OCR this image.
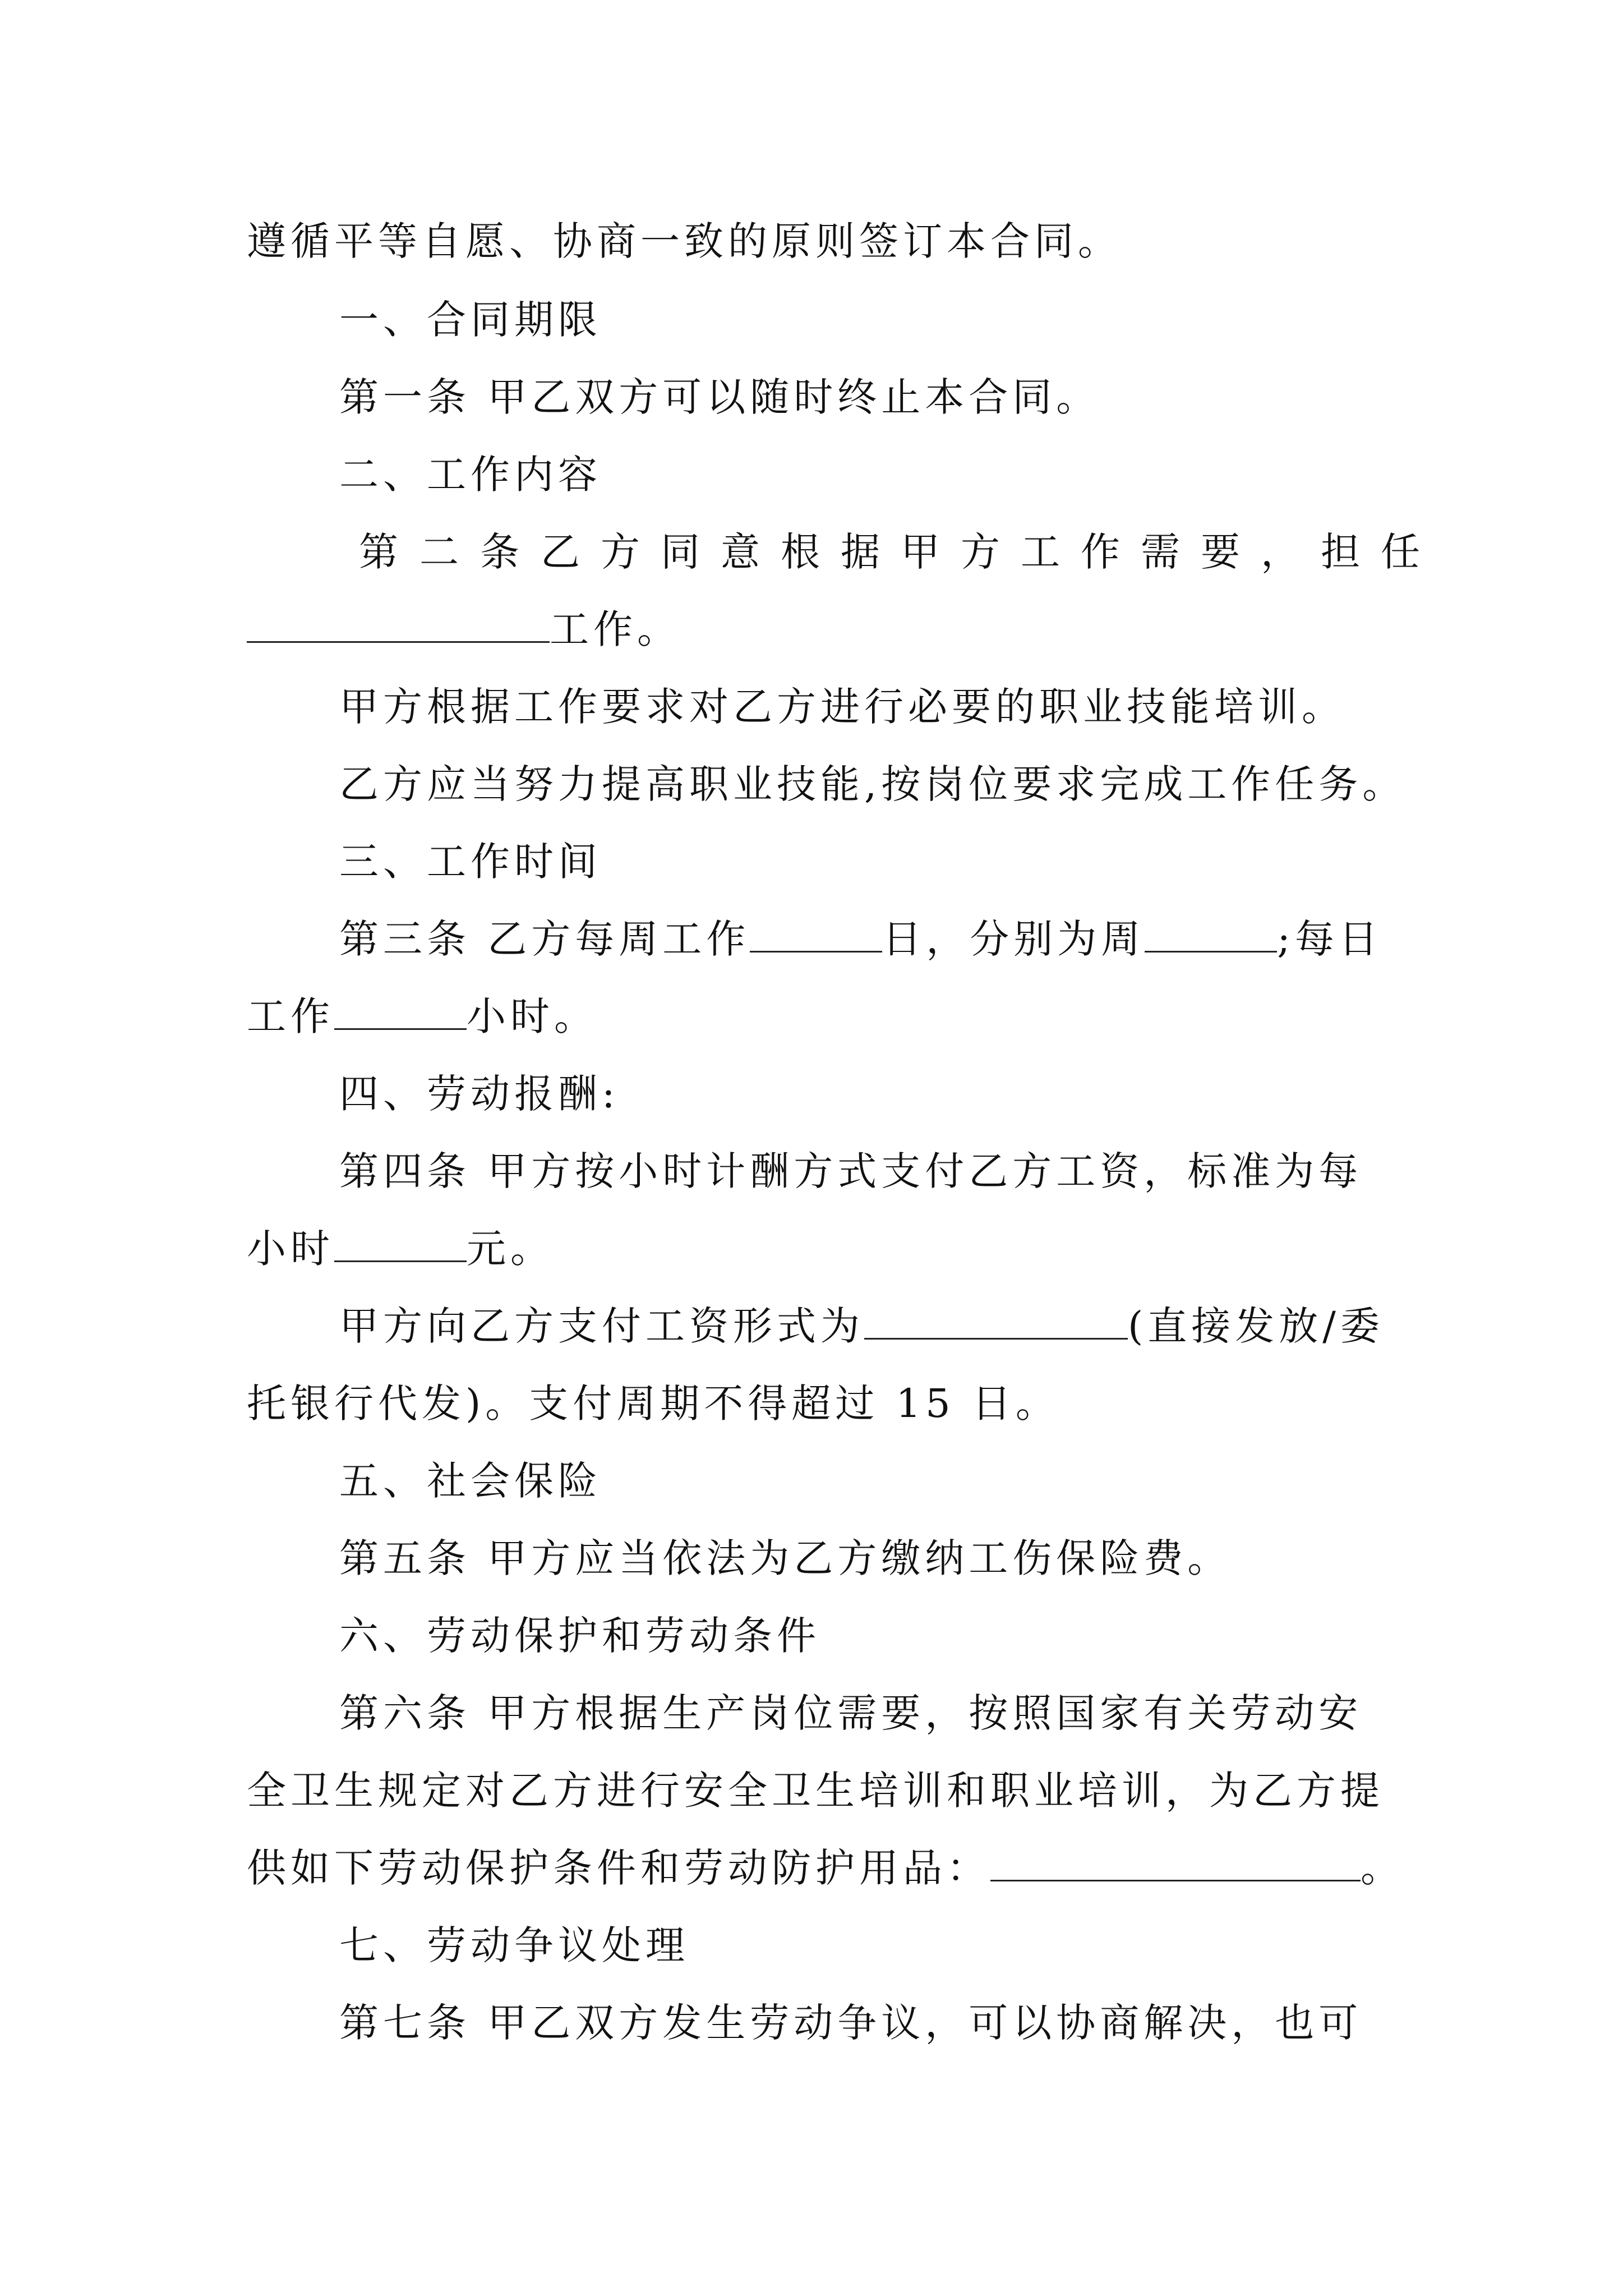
遵循平等自愿、协商一致的原则签订本合同。
一、合同期限
第一条 甲乙双方可以随时终止本合同。
二、工作内容
第二条 乙方同意根据甲方工作需要，担任
工作。
甲方根据工作要求对乙方进行必要的职业技能培训。
乙方应当努力提高职业技能,按岗位要求完成工作任务。
三、工作时间
第三条 乙方每周工作	日，分别为周	;每日
工作	小时。
四、劳动报酬:
第四条 甲方按小时计酬方式支付乙方工资，标准为每
小时	元。
甲方向乙方支付工资形式为	(直接发放/委
托银行代发)。支付周期不得超过 15 日。
五、社会保险
第五条 甲方应当依法为乙方缴纳工伤保险费。
六、劳动保护和劳动条件
第六条 甲方根据生产岗位需要，按照国家有关劳动安
全卫生规定对乙方进行安全卫生培训和职业培训，为乙方提
供如下劳动保护条件和劳动防护用品：	。
七、劳动争议处理
第七条 甲乙双方发生劳动争议，可以协商解决，也可
